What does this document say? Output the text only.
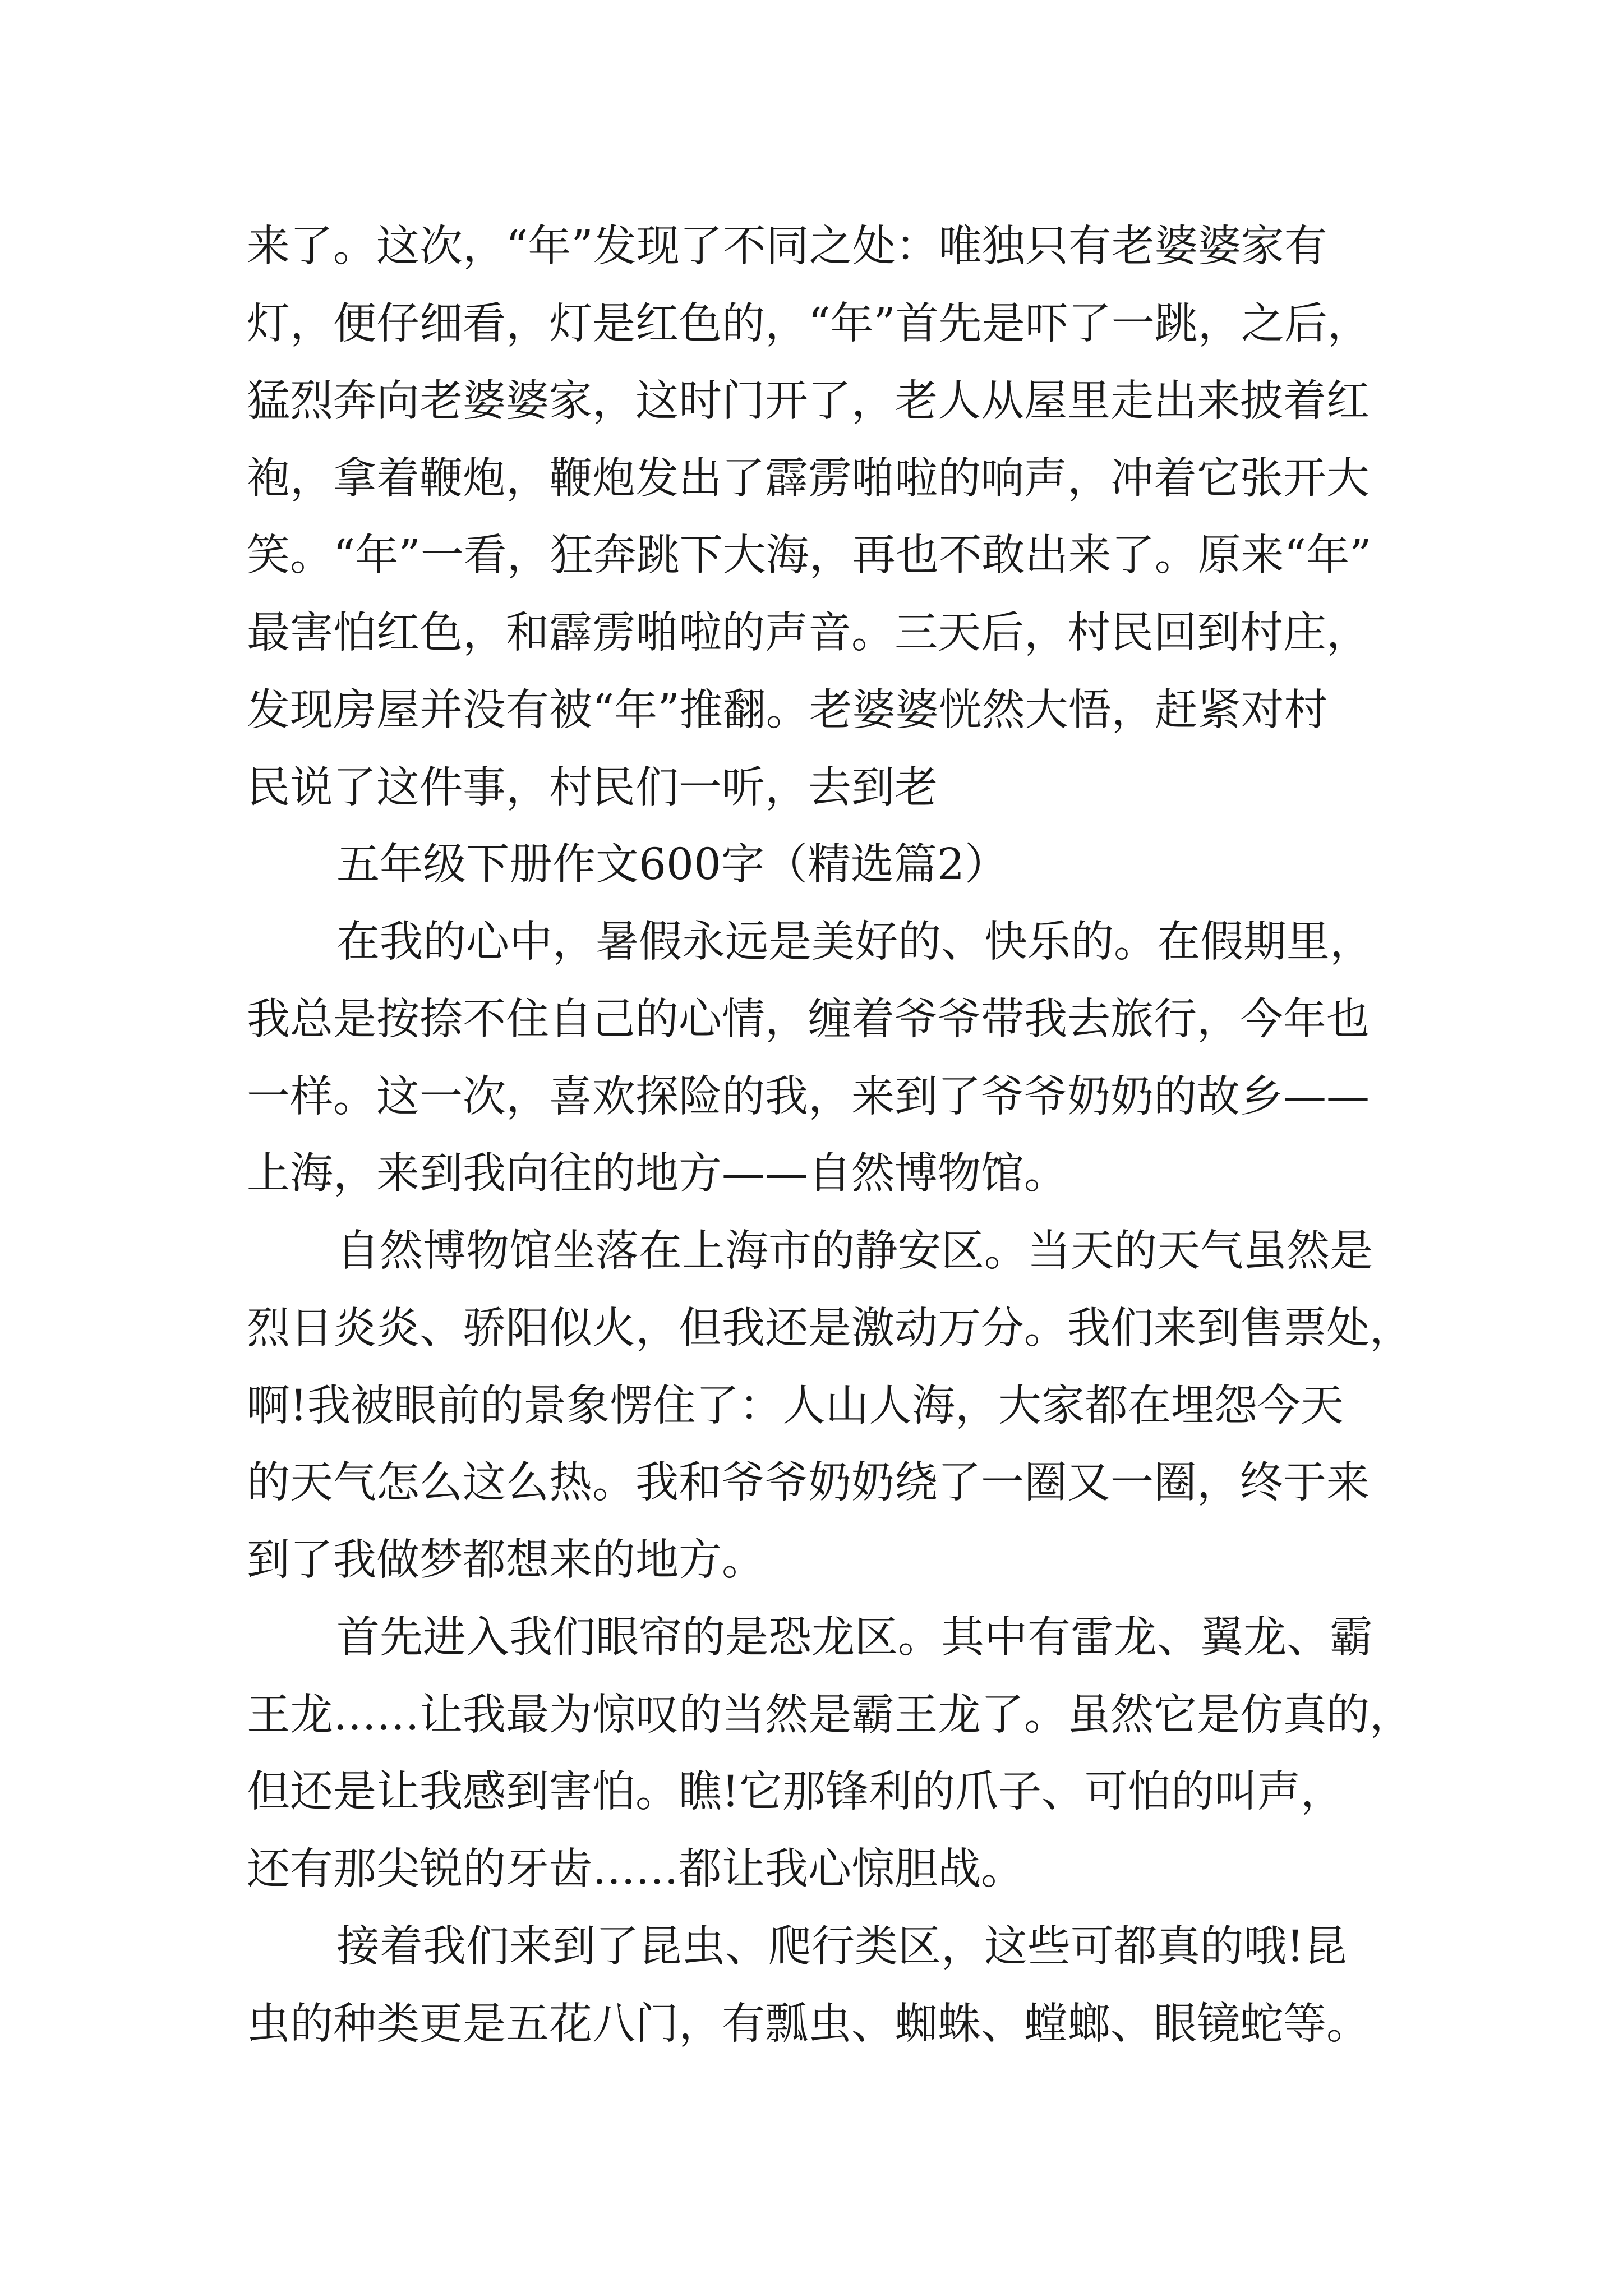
来了。这次，“年”发现了不同之处：唯独只有老婆婆家有

灯，便仔细看，灯是红色的，“年”首先是吓了一跳，之后，

猛烈奔向老婆婆家，这时门开了，老人从屋里走出来披着红

袍，拿着鞭炮，鞭炮发出了霹雳啪啦的响声，冲着它张开大

笑。“年”一看，狂奔跳下大海，再也不敢出来了。原来“年”

最害怕红色，和霹雳啪啦的声音。三天后，村民回到村庄，

发现房屋并没有被“年”推翻。老婆婆恍然大悟，赶紧对村

民说了这件事，村民们一听，去到老

五年级下册作文600字（精选篇2）

在我的心中，暑假永远是美好的、快乐的。在假期里，

我总是按捺不住自己的心情，缠着爷爷带我去旅行，今年也

一样。这一次，喜欢探险的我，来到了爷爷奶奶的故乡——

上海，来到我向往的地方——自然博物馆。

自然博物馆坐落在上海市的静安区。当天的天气虽然是

烈日炎炎、骄阳似火，但我还是激动万分。我们来到售票处，

啊!我被眼前的景象愣住了：人山人海，大家都在埋怨今天

的天气怎么这么热。我和爷爷奶奶绕了一圈又一圈，终于来

到了我做梦都想来的地方。

首先进入我们眼帘的是恐龙区。其中有雷龙、翼龙、霸

王龙……让我最为惊叹的当然是霸王龙了。虽然它是仿真的，

但还是让我感到害怕。瞧!它那锋利的爪子、可怕的叫声，

还有那尖锐的牙齿……都让我心惊胆战。

接着我们来到了昆虫、爬行类区，这些可都真的哦!昆

虫的种类更是五花八门，有瓢虫、蜘蛛、螳螂、眼镜蛇等。
